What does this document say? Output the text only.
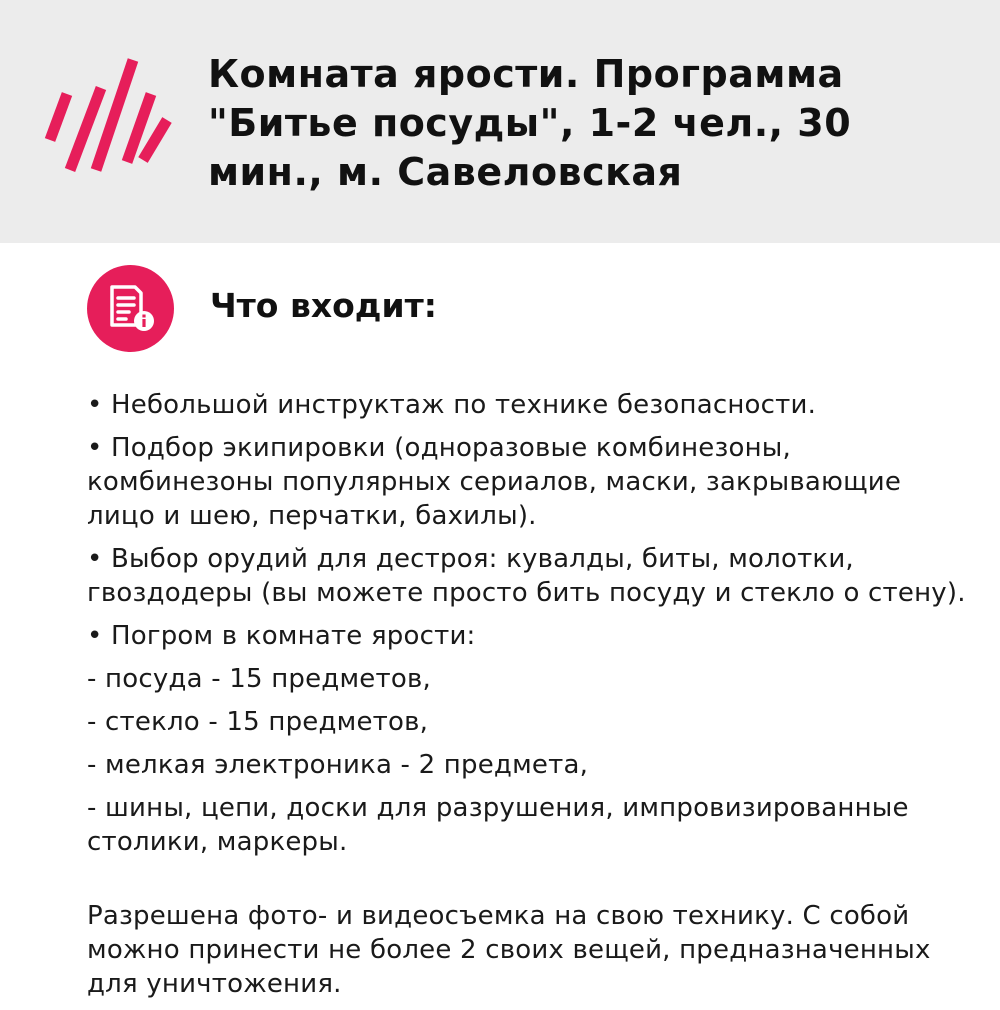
Комната ярости. Программа "Битье посуды", 1-2 чел., 30 мин., м. Савеловская
Что входит:

• Небольшой инструктаж по технике безопасности.

• Подбор экипировки (одноразовые комбинезоны, комбинезоны популярных сериалов, маски, закрывающие лицо и шею, перчатки, бахилы).

• Выбор орудий для дестроя: кувалды, биты, молотки, гвоздодеры (вы можете просто бить посуду и стекло о стену).

• Погром в комнате ярости:

- посуда - 15 предметов,

- стекло - 15 предметов,

- мелкая электроника - 2 предмета,

- шины, цепи, доски для разрушения, импровизированные столики, маркеры.

Разрешена фото- и видеосъемка на свою технику. С собой можно принести не более 2 своих вещей, предназначенных для уничтожения.
